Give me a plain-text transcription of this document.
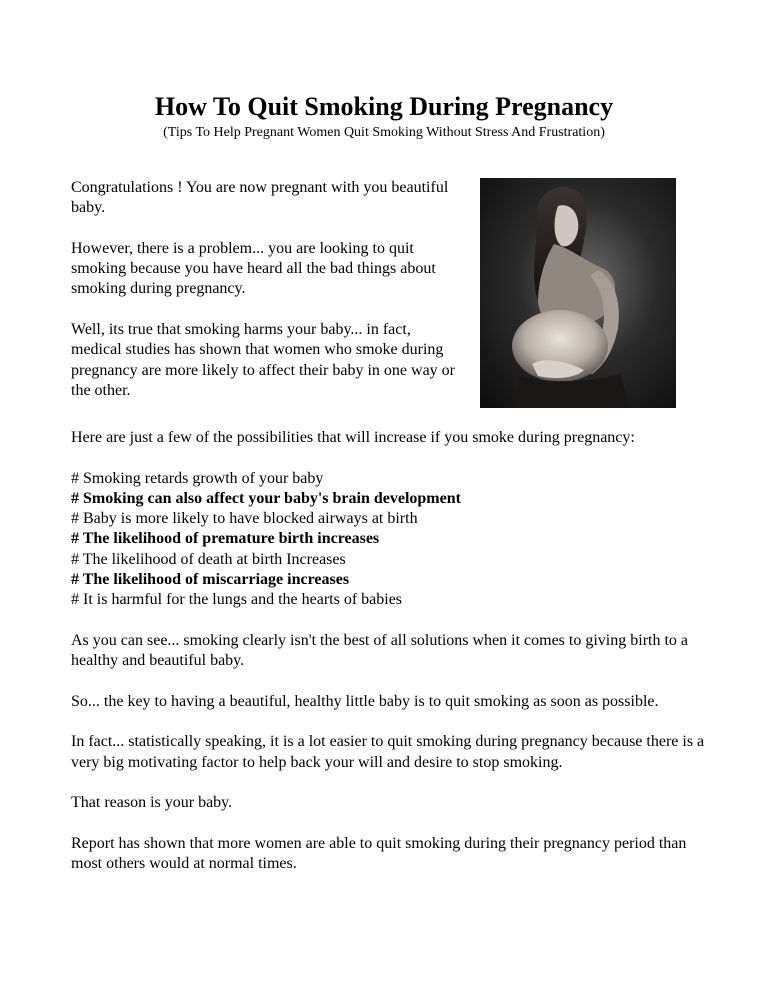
How To Quit Smoking During Pregnancy
(Tips To Help Pregnant Women Quit Smoking Without Stress And Frustration)

Congratulations ! You are now pregnant with you beautiful baby.

However, there is a problem... you are looking to quit smoking because you have heard all the bad things about smoking during pregnancy.

Well, its true that smoking harms your baby... in fact, medical studies has shown that women who smoke during pregnancy are more likely to affect their baby in one way or the other.

Here are just a few of the possibilities that will increase if you smoke during pregnancy:

# Smoking retards growth of your baby
# Smoking can also affect your baby's brain development
# Baby is more likely to have blocked airways at birth
# The likelihood of premature birth increases
# The likelihood of death at birth Increases
# The likelihood of miscarriage increases
# It is harmful for the lungs and the hearts of babies

As you can see... smoking clearly isn't the best of all solutions when it comes to giving birth to a healthy and beautiful baby.

So... the key to having a beautiful, healthy little baby is to quit smoking as soon as possible.

In fact... statistically speaking, it is a lot easier to quit smoking during pregnancy because there is a very big motivating factor to help back your will and desire to stop smoking.

That reason is your baby.

Report has shown that more women are able to quit smoking during their pregnancy period than most others would at normal times.
